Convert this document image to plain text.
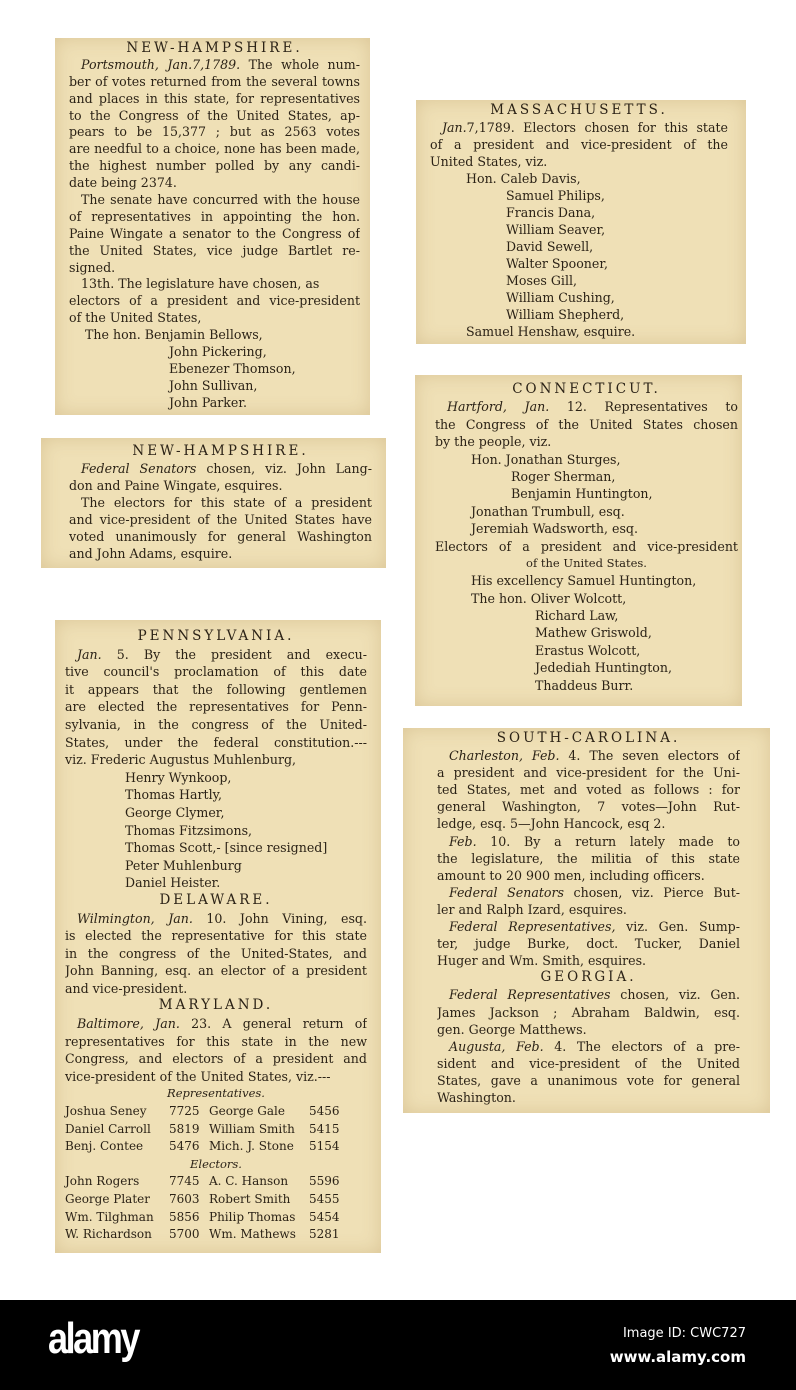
NEW-HAMPSHIRE.
Portsmouth, Jan.7,1789. The whole num-
ber of votes returned from the several towns
and places in this state, for representatives
to the Congress of the United States, ap-
pears to be 15,377 ; but as 2563 votes
are needful to a choice, none has been made,
the highest number polled by any candi-
date being 2374.
The senate have concurred with the house
of representatives in appointing the hon.
Paine Wingate a senator to the Congress of
the United States, vice judge Bartlet re-
signed.
13th. The legislature have chosen, as
electors of a president and vice-president
of the United States,
The hon. Benjamin Bellows,
John Pickering,
Ebenezer Thomson,
John Sullivan,
John Parker.
NEW-HAMPSHIRE.
Federal Senators chosen, viz. John Lang-
don and Paine Wingate, esquires.
The electors for this state of a president
and vice-president of the United States have
voted unanimously for general Washington
and John Adams, esquire.
PENNSYLVANIA.
Jan. 5. By the president and execu-
tive council's proclamation of this date
it appears that the following gentlemen
are elected the representatives for Penn-
sylvania, in the congress of the United-
States, under the federal constitution.---
viz. Frederic Augustus Muhlenburg,
Henry Wynkoop,
Thomas Hartly,
George Clymer,
Thomas Fitzsimons,
Thomas Scott,- [since resigned]
Peter Muhlenburg
Daniel Heister.
DELAWARE.
Wilmington, Jan. 10. John Vining, esq.
is elected the representative for this state
in the congress of the United-States, and
John Banning, esq. an elector of a president
and vice-president.
MARYLAND.
Baltimore, Jan. 23. A general return of
representatives for this state in the new
Congress, and electors of a president and
vice-president of the United States, viz.---
Representatives.
Joshua Seney	7725 George Gale	5456
Daniel Carroll	5819 William Smith	5415
Benj. Contee	5476 Mich. J. Stone	5154
Electors.
John Rogers	7745 A. C. Hanson	5596
George Plater	7603 Robert Smith	5455
Wm. Tilghman	5856 Philip Thomas	5454
W. Richardson	5700 Wm. Mathews	5281
MASSACHUSETTS.
Jan.7,1789. Electors chosen for this state
of a president and vice-president of the
United States, viz.
Hon. Caleb Davis,
Samuel Philips,
Francis Dana,
William Seaver,
David Sewell,
Walter Spooner,
Moses Gill,
William Cushing,
William Shepherd,
Samuel Henshaw, esquire.
CONNECTICUT.
Hartford, Jan. 12. Representatives to
the Congress of the United States chosen
by the people, viz.
Hon. Jonathan Sturges,
Roger Sherman,
Benjamin Huntington,
Jonathan Trumbull, esq.
Jeremiah Wadsworth, esq.
Electors of a president and vice-president
of the United States.
His excellency Samuel Huntington,
The hon. Oliver Wolcott,
Richard Law,
Mathew Griswold,
Erastus Wolcott,
Jedediah Huntington,
Thaddeus Burr.
SOUTH-CAROLINA.
Charleston, Feb. 4. The seven electors of
a president and vice-president for the Uni-
ted States, met and voted as follows : for
general Washington, 7 votes—John Rut-
ledge, esq. 5—John Hancock, esq 2.
Feb. 10. By a return lately made to
the legislature, the militia of this state
amount to 20 900 men, including officers.
Federal Senators chosen, viz. Pierce But-
ler and Ralph Izard, esquires.
Federal Representatives, viz. Gen. Sump-
ter, judge Burke, doct. Tucker, Daniel
Huger and Wm. Smith, esquires.
GEORGIA.
Federal Representatives chosen, viz. Gen.
James Jackson ; Abraham Baldwin, esq.
gen. George Matthews.
Augusta, Feb. 4. The electors of a pre-
sident and vice-president of the United
States, gave a unanimous vote for general
Washington.
alamy	Image ID: CWC727
www.alamy.com
